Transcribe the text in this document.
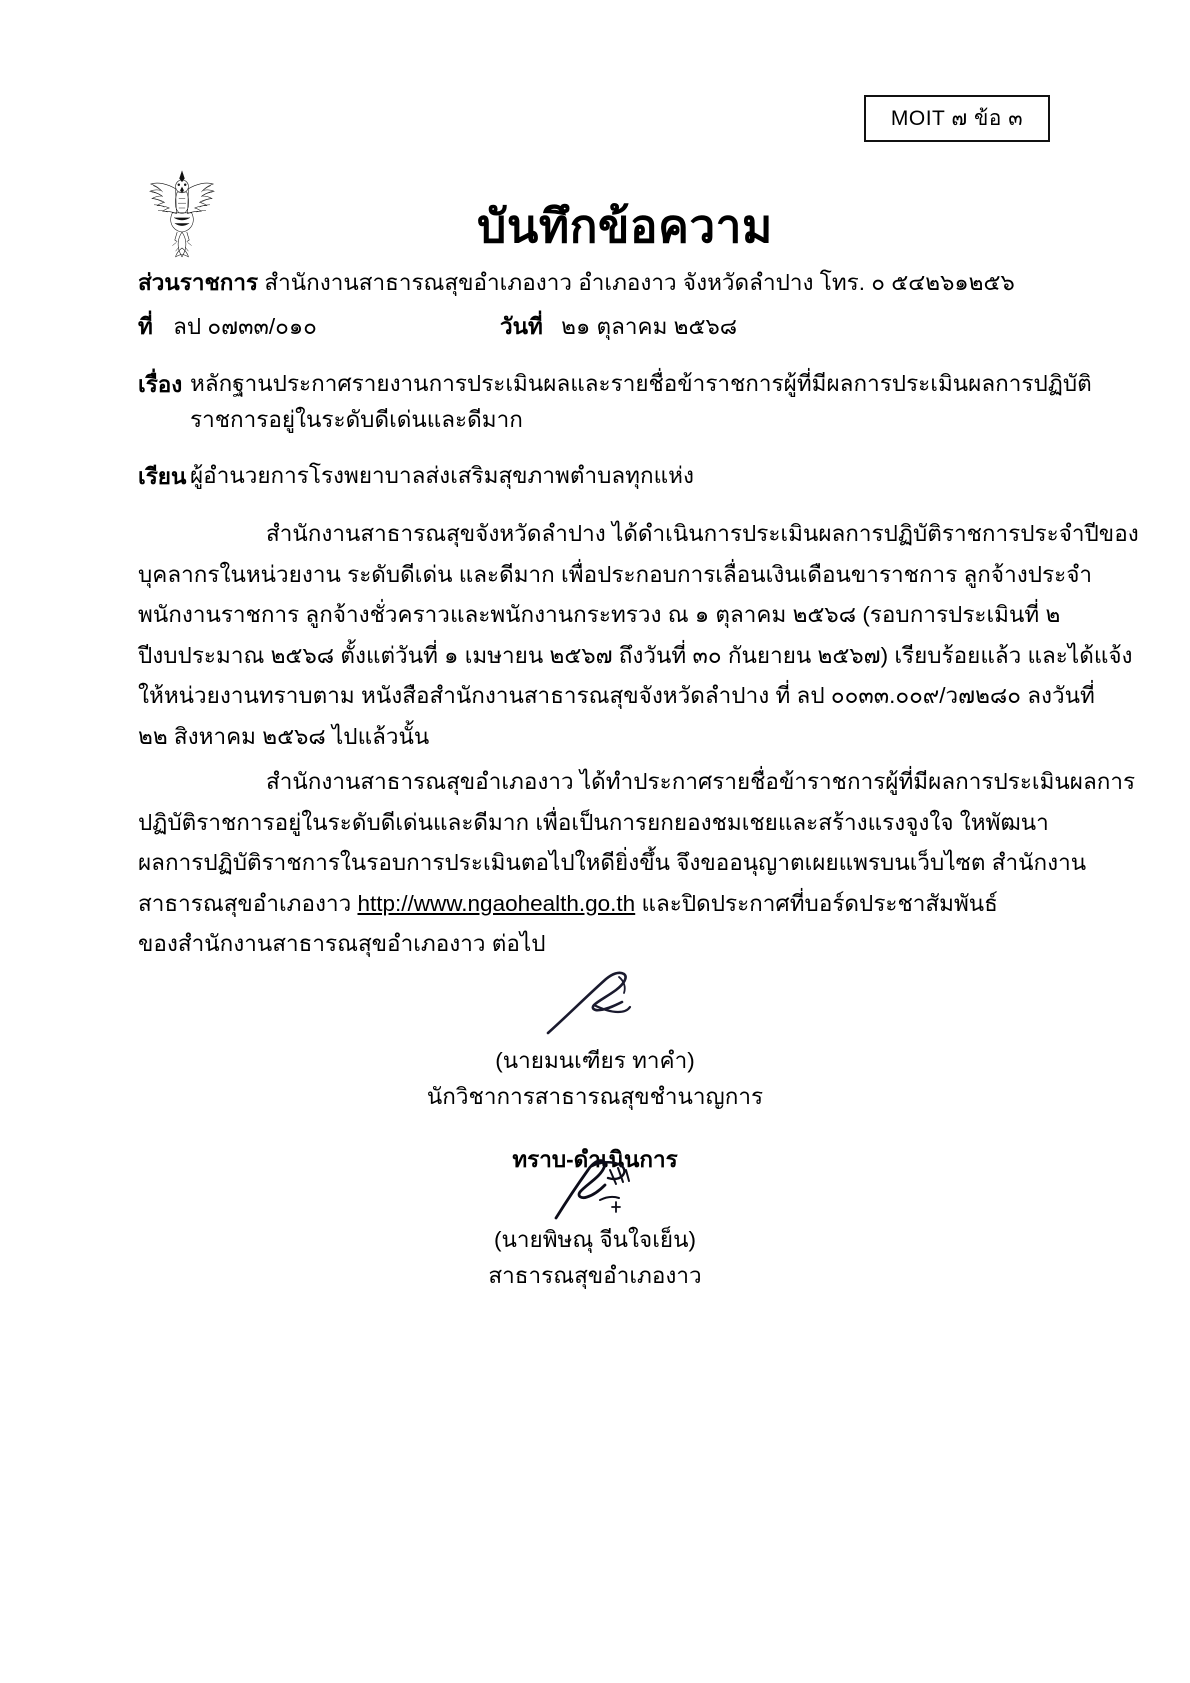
MOIT ๗ ข้อ ๓
บันทึกข้อความ
ส่วนราชการ สำนักงานสาธารณสุขอำเภองาว อำเภองาว จังหวัดลำปาง โทร. ๐ ๕๔๒๖๑๒๕๖
ที่ ลป ๐๗๓๓/๐๑๐	วันที่ ๒๑ ตุลาคม ๒๕๖๘
เรื่อง หลักฐานประกาศรายงานการประเมินผลและรายชื่อข้าราชการผู้ที่มีผลการประเมินผลการปฏิบัติ
ราชการอยู่ในระดับดีเด่นและดีมาก
เรียน ผู้อำนวยการโรงพยาบาลส่งเสริมสุขภาพตำบลทุกแห่ง
สำนักงานสาธารณสุขจังหวัดลำปาง ได้ดำเนินการประเมินผลการปฏิบัติราชการประจำปีของ
บุคลากรในหน่วยงาน ระดับดีเด่น และดีมาก เพื่อประกอบการเลื่อนเงินเดือนขาราชการ ลูกจ้างประจำ
พนักงานราชการ ลูกจ้างชั่วคราวและพนักงานกระทรวง ณ ๑ ตุลาคม ๒๕๖๘ (รอบการประเมินที่ ๒
ปีงบประมาณ ๒๕๖๘ ตั้งแต่วันที่ ๑ เมษายน ๒๕๖๗ ถึงวันที่ ๓๐ กันยายน ๒๕๖๗) เรียบร้อยแล้ว และได้แจ้ง
ให้หน่วยงานทราบตาม หนังสือสำนักงานสาธารณสุขจังหวัดลำปาง ที่ ลป ๐๐๓๓.๐๐๙/ว๗๒๘๐ ลงวันที่
๒๒ สิงหาคม ๒๕๖๘ ไปแล้วนั้น
สำนักงานสาธารณสุขอำเภองาว ได้ทำประกาศรายชื่อข้าราชการผู้ที่มีผลการประเมินผลการ
ปฏิบัติราชการอยู่ในระดับดีเด่นและดีมาก เพื่อเป็นการยกยองชมเชยและสร้างแรงจูงใจ ใหพัฒนา
ผลการปฏิบัติราชการในรอบการประเมินตอไปใหดียิ่งขึ้น จึงขออนุญาตเผยแพรบนเว็บไซต สำนักงาน
สาธารณสุขอำเภองาว http://www.ngaohealth.go.th และปิดประกาศที่บอร์ดประชาสัมพันธ์
ของสำนักงานสาธารณสุขอำเภองาว ต่อไป
(นายมนเฑียร ทาคำ)
นักวิชาการสาธารณสุขชำนาญการ
ทราบ-ดำเนินการ
(นายพิษณุ จีนใจเย็น)
สาธารณสุขอำเภองาว
